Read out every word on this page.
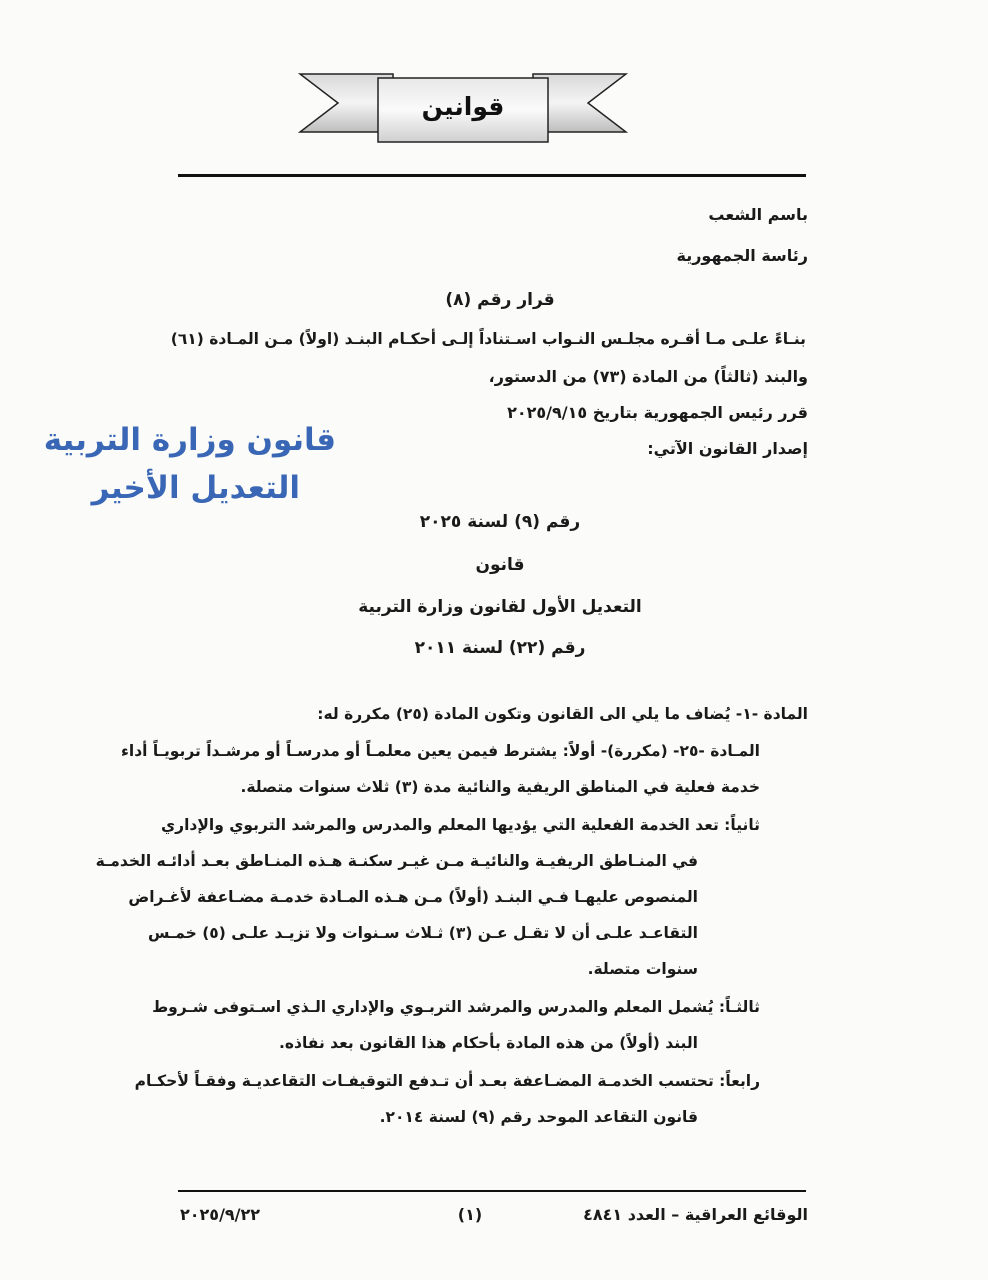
قوانين
باسم الشعب
رئاسة الجمهورية
قرار رقم (٨)
بنـاءً علـى مـا أقـره مجلـس النـواب اسـتناداً إلـى أحكـام البنـد (اولاً) مـن المـادة (٦١)
والبند (ثالثاً) من المادة (٧٣) من الدستور،
قرر رئيس الجمهورية بتاريخ ٢٠٢٥/٩/١٥
إصدار القانون الآتي:
قانون وزارة التربية
التعديل الأخير
رقم (٩) لسنة ٢٠٢٥
قانون
التعديل الأول لقانون وزارة التربية
رقم (٢٢) لسنة ٢٠١١
المادة -١- يُضاف ما يلي الى القانون وتكون المادة (٢٥) مكررة له:
المـادة -٢٥- (مكررة)- أولاً: يشترط فيمن يعين معلمـاً أو مدرسـاً أو مرشـداً تربويـاً أداء
خدمة فعلية في المناطق الريفية والنائية مدة (٣) ثلاث سنوات متصلة.
ثانياً: تعد الخدمة الفعلية التي يؤديها المعلم والمدرس والمرشد التربوي والإداري
في المنـاطق الريفيـة والنائيـة مـن غيـر سكنـة هـذه المنـاطق بعـد أدائـه الخدمـة
المنصوص عليهـا فـي البنـد (أولاً) مـن هـذه المـادة خدمـة مضـاعفة لأغـراض
التقاعـد علـى أن لا تقـل عـن (٣) ثـلاث سـنوات ولا تزيـد علـى (٥) خمـس
سنوات متصلة.
ثالثـاً: يُشمل المعلم والمدرس والمرشد التربـوي والإداري الـذي اسـتوفى شـروط
البند (أولاً) من هذه المادة بأحكام هذا القانون بعد نفاذه.
رابعاً: تحتسب الخدمـة المضـاعفة بعـد أن تـدفع التوقيفـات التقاعديـة وفقـاً لأحكـام
قانون التقاعد الموحد رقم (٩) لسنة ٢٠١٤.
الوقائع العراقية – العدد ٤٨٤١
(١)
٢٠٢٥/٩/٢٢
